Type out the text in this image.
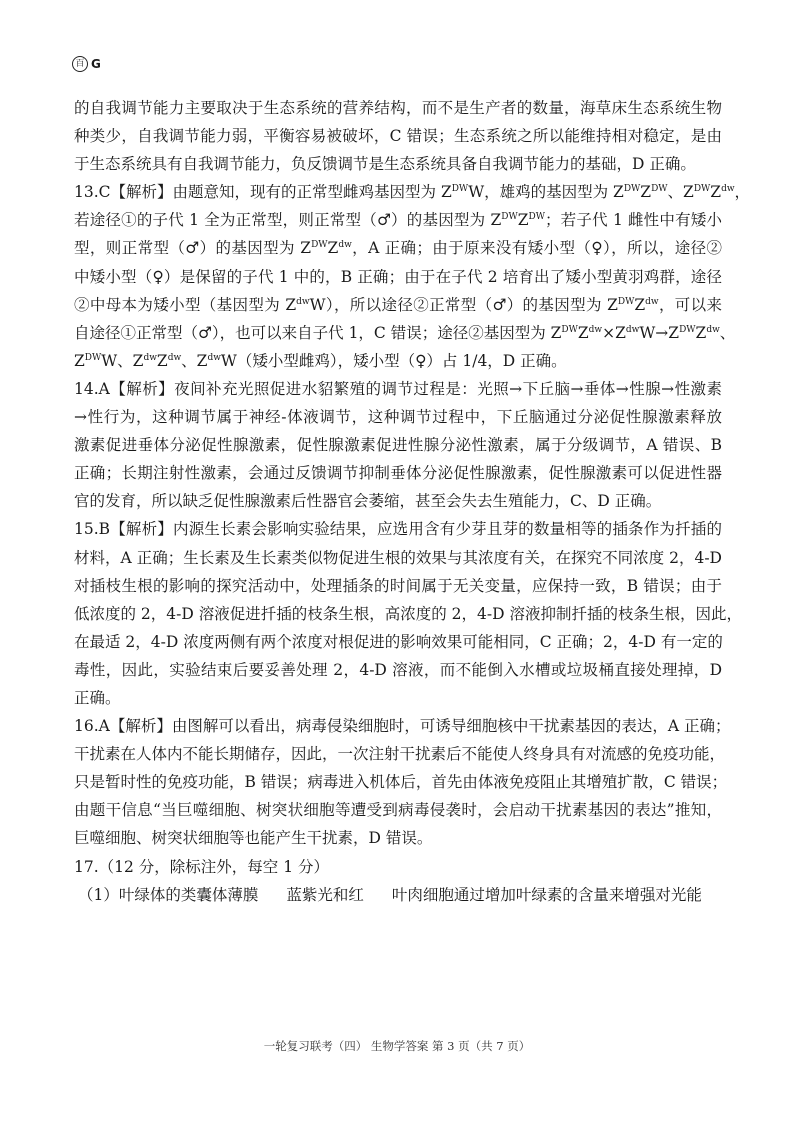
百 G
的自我调节能力主要取决于生态系统的营养结构，而不是生产者的数量，海草床生态系统生物
种类少，自我调节能力弱，平衡容易被破坏，C 错误；生态系统之所以能维持相对稳定，是由
于生态系统具有自我调节能力，负反馈调节是生态系统具备自我调节能力的基础，D 正确。
13.C【解析】由题意知，现有的正常型雌鸡基因型为 $Z^{DW}W$，雄鸡的基因型为 $Z^{DW}Z^{DW}$、$Z^{DW}Z^{dw}$，
若途径①的子代 1 全为正常型，则正常型（♂）的基因型为 $Z^{DW}Z^{DW}$；若子代 1 雌性中有矮小
型，则正常型（♂）的基因型为 $Z^{DW}Z^{dw}$，A 正确；由于原来没有矮小型（♀），所以，途径②
中矮小型（♀）是保留的子代 1 中的，B 正确；由于在子代 2 培育出了矮小型黄羽鸡群，途径
②中母本为矮小型（基因型为 $Z^{dw}W$），所以途径②正常型（♂）的基因型为 $Z^{DW}Z^{dw}$，可以来
自途径①正常型（♂），也可以来自子代 1，C 错误；途径②基因型为 $Z^{DW}Z^{dw}\times Z^{dw}W\to Z^{DW}Z^{dw}$、
$Z^{DW}W$、$Z^{dw}Z^{dw}$、$Z^{dw}W$（矮小型雌鸡），矮小型（♀）占 1/4，D 正确。
14.A【解析】夜间补充光照促进水貂繁殖的调节过程是：光照→下丘脑→垂体→性腺→性激素
→性行为，这种调节属于神经-体液调节，这种调节过程中，下丘脑通过分泌促性腺激素释放
激素促进垂体分泌促性腺激素，促性腺激素促进性腺分泌性激素，属于分级调节，A 错误、B
正确；长期注射性激素，会通过反馈调节抑制垂体分泌促性腺激素，促性腺激素可以促进性器
官的发育，所以缺乏促性腺激素后性器官会萎缩，甚至会失去生殖能力，C、D 正确。
15.B【解析】内源生长素会影响实验结果，应选用含有少芽且芽的数量相等的插条作为扦插的
材料，A 正确；生长素及生长素类似物促进生根的效果与其浓度有关，在探究不同浓度 2，4-D
对插枝生根的影响的探究活动中，处理插条的时间属于无关变量，应保持一致，B 错误；由于
低浓度的 2，4-D 溶液促进扦插的枝条生根，高浓度的 2，4-D 溶液抑制扦插的枝条生根，因此，
在最适 2，4-D 浓度两侧有两个浓度对根促进的影响效果可能相同，C 正确；2，4-D 有一定的
毒性，因此，实验结束后要妥善处理 2，4-D 溶液，而不能倒入水槽或垃圾桶直接处理掉，D
正确。
16.A【解析】由图解可以看出，病毒侵染细胞时，可诱导细胞核中干扰素基因的表达，A 正确；
干扰素在人体内不能长期储存，因此，一次注射干扰素后不能使人终身具有对流感的免疫功能，
只是暂时性的免疫功能，B 错误；病毒进入机体后，首先由体液免疫阻止其增殖扩散，C 错误；
由题干信息“当巨噬细胞、树突状细胞等遭受到病毒侵袭时，会启动干扰素基因的表达”推知，
巨噬细胞、树突状细胞等也能产生干扰素，D 错误。
17.（12 分，除标注外，每空 1 分）
（1）叶绿体的类囊体薄膜 蓝紫光和红 叶肉细胞通过增加叶绿素的含量来增强对光能
一轮复习联考（四） 生物学答案 第 3 页（共 7 页）
